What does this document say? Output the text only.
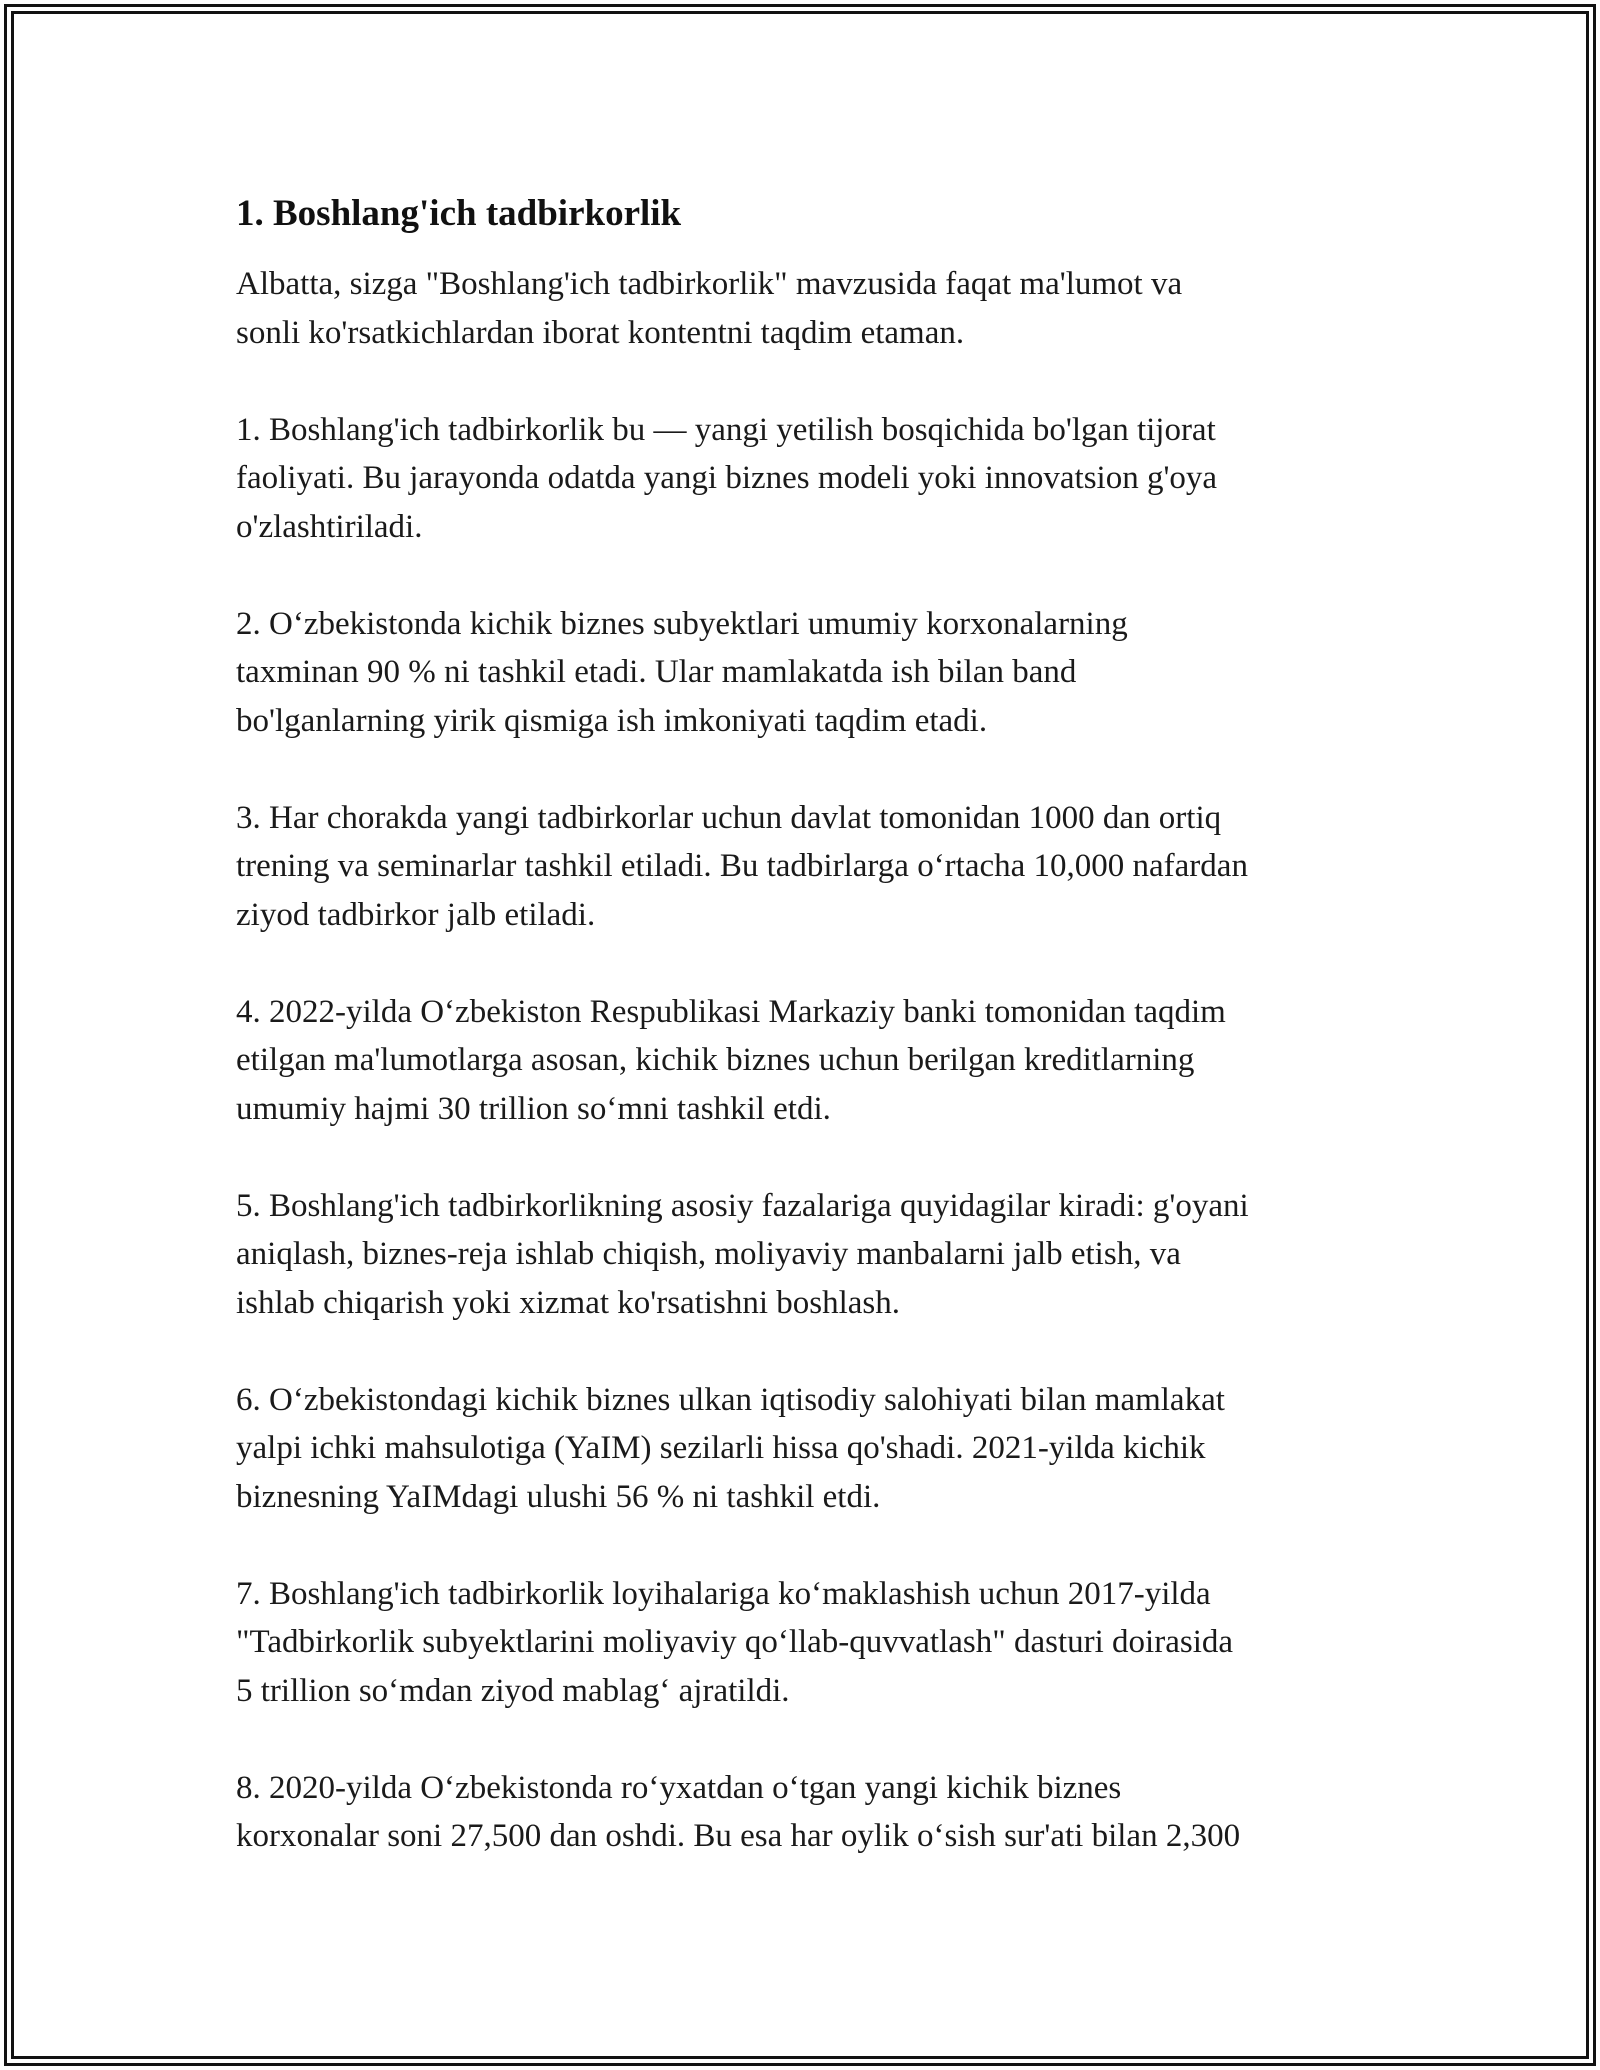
1. Boshlang'ich tadbirkorlik

Albatta, sizga "Boshlang'ich tadbirkorlik" mavzusida faqat ma'lumot va
sonli ko'rsatkichlardan iborat kontentni taqdim etaman.

1. Boshlang'ich tadbirkorlik bu — yangi yetilish bosqichida bo'lgan tijorat
faoliyati. Bu jarayonda odatda yangi biznes modeli yoki innovatsion g'oya
o'zlashtiriladi.

2. O‘zbekistonda kichik biznes subyektlari umumiy korxonalarning
taxminan 90 % ni tashkil etadi. Ular mamlakatda ish bilan band
bo'lganlarning yirik qismiga ish imkoniyati taqdim etadi.

3. Har chorakda yangi tadbirkorlar uchun davlat tomonidan 1000 dan ortiq
trening va seminarlar tashkil etiladi. Bu tadbirlarga o‘rtacha 10,000 nafardan
ziyod tadbirkor jalb etiladi.

4. 2022-yilda O‘zbekiston Respublikasi Markaziy banki tomonidan taqdim
etilgan ma'lumotlarga asosan, kichik biznes uchun berilgan kreditlarning
umumiy hajmi 30 trillion so‘mni tashkil etdi.

5. Boshlang'ich tadbirkorlikning asosiy fazalariga quyidagilar kiradi: g'oyani
aniqlash, biznes-reja ishlab chiqish, moliyaviy manbalarni jalb etish, va
ishlab chiqarish yoki xizmat ko'rsatishni boshlash.

6. O‘zbekistondagi kichik biznes ulkan iqtisodiy salohiyati bilan mamlakat
yalpi ichki mahsulotiga (YaIM) sezilarli hissa qo'shadi. 2021-yilda kichik
biznesning YaIMdagi ulushi 56 % ni tashkil etdi.

7. Boshlang'ich tadbirkorlik loyihalariga ko‘maklashish uchun 2017-yilda
"Tadbirkorlik subyektlarini moliyaviy qo‘llab-quvvatlash" dasturi doirasida
5 trillion so‘mdan ziyod mablag‘ ajratildi.

8. 2020-yilda O‘zbekistonda ro‘yxatdan o‘tgan yangi kichik biznes
korxonalar soni 27,500 dan oshdi. Bu esa har oylik o‘sish sur'ati bilan 2,300
